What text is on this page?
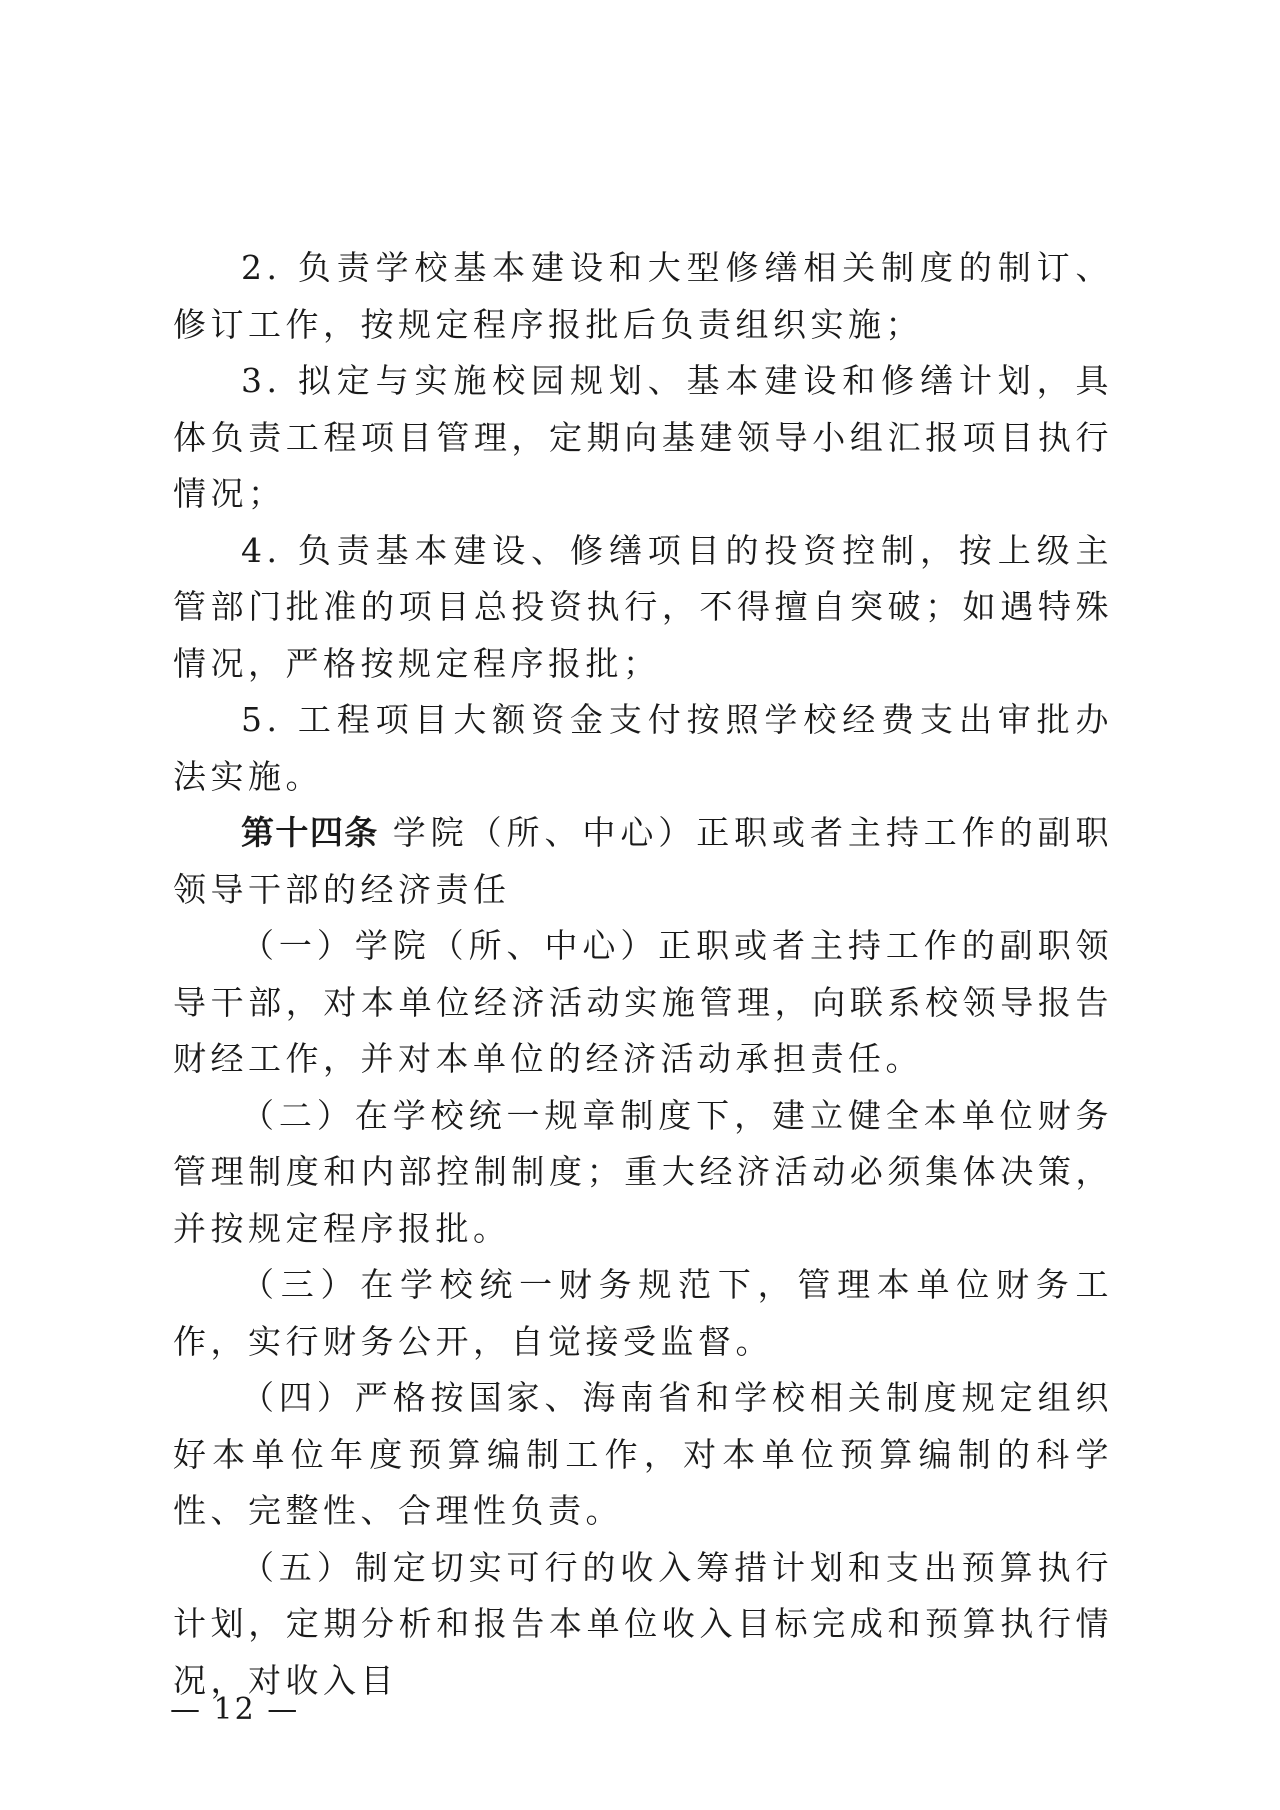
2. 负责学校基本建设和大型修缮相关制度的制订、修订工作，按规定程序报批后负责组织实施；

3. 拟定与实施校园规划、基本建设和修缮计划，具体负责工程项目管理，定期向基建领导小组汇报项目执行情况；

4. 负责基本建设、修缮项目的投资控制，按上级主管部门批准的项目总投资执行，不得擅自突破；如遇特殊情况，严格按规定程序报批；

5. 工程项目大额资金支付按照学校经费支出审批办法实施。

第十四条 学院（所、中心）正职或者主持工作的副职领导干部的经济责任

（一）学院（所、中心）正职或者主持工作的副职领导干部，对本单位经济活动实施管理，向联系校领导报告财经工作，并对本单位的经济活动承担责任。

（二）在学校统一规章制度下，建立健全本单位财务管理制度和内部控制制度；重大经济活动必须集体决策，并按规定程序报批。

（三）在学校统一财务规范下，管理本单位财务工作，实行财务公开，自觉接受监督。

（四）严格按国家、海南省和学校相关制度规定组织好本单位年度预算编制工作，对本单位预算编制的科学性、完整性、合理性负责。

（五）制定切实可行的收入筹措计划和支出预算执行计划，定期分析和报告本单位收入目标完成和预算执行情况，对收入目

— 12 —
